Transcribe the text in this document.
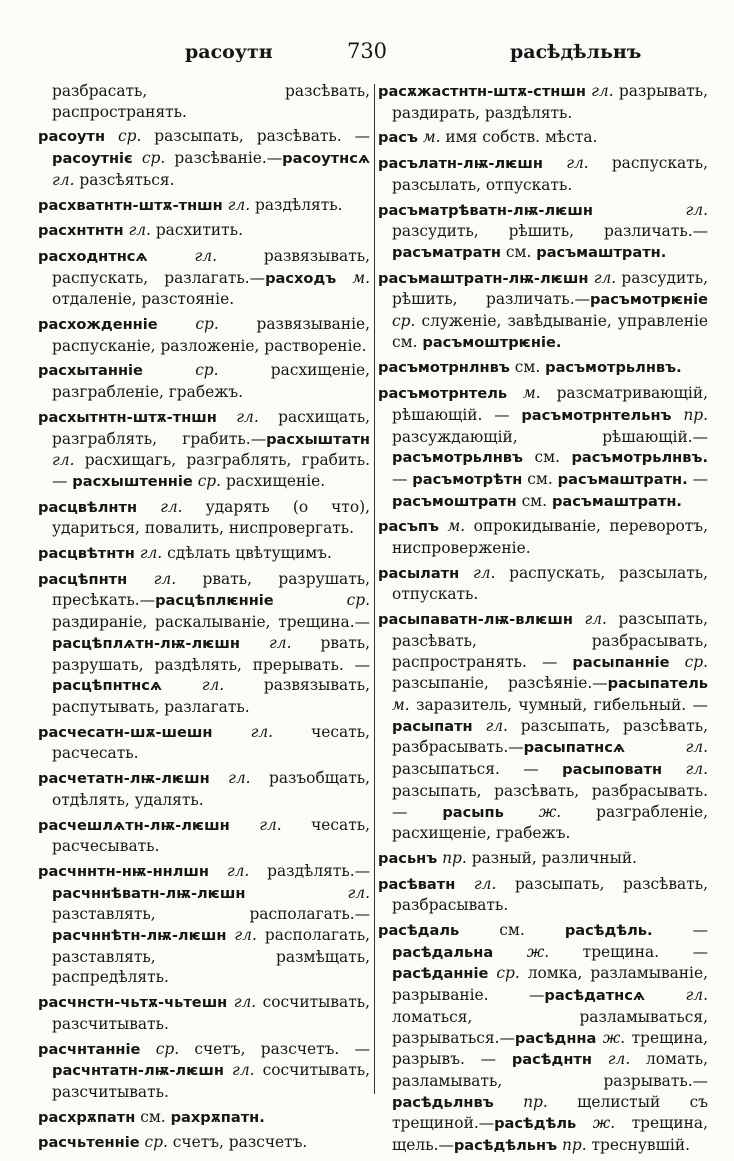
расоутн	730	расѣдѣльнъ
разбрасать, разсѣвать, распространять.
расоутн ср. разсыпать, разсѣвать. — расоутніє ср. разсѣваніе.—расоутнсѧ гл. разсѣяться.
расхватнтн-штѫ-тншн гл. раздѣлять.
расхнтнтн гл. расхитить.
расходнтнсѧ	гл. развязывать, распускать, разлагать.—расходъ м. отдаленіе, разстояніе.
расхожденніе ср. развязываніе, распусканіе, разложеніе, раствореніе.
расхытанніе	ср. расхищеніе, разграбленіе, грабежъ.
расхытнтн-штѫ-тншн гл. расхищать, разграблять, грабить.—расхыштатн гл. расхищагь, разграблять, грабить. — расхыштенніе ср. расхищеніе.
расцвѣлнтн гл. ударять (о что), удариться, повалить, ниспровергать.
расцвѣтнтн гл. сдѣлать цвѣтущимъ.
расцѣпнтн гл. рвать, разрушать, пресѣкать.—расцѣплѥнніе	ср. раздираніе, раскалываніе, трещина.—расцѣплѧтн-лѭ-лѥшн гл. рвать, разрушать, раздѣлять, прерывать. — расцѣпнтнсѧ	гл. развязывать, распутывать, разлагать.
расчесатн-шѫ-шешн гл. чесать, расчесать.
расчетатн-лѭ-лѥшн гл. разъобщать, отдѣлять, удалять.
расчешлѧтн-лѭ-лѥшн гл. чесать, расчесывать.
расчннтн-нѭ-ннлшн гл. раздѣлять.— расчннѣватн-лѭ-лѥшн	гл. разставлять, располагать.—расчннѣтн-лѭ-лѥшн гл. располагать, разставлять, размѣщать, распредѣлять.
расчнстн-чьтѫ-чьтешн гл. сосчитывать, разсчитывать.
расчнтанніе ср. счетъ, разсчетъ. — расчнтатн-лѭ-лѥшн гл. сосчитывать, разсчитывать.
расхрѫпатн см. рахрѫпатн.
расчьтенніе ср. счетъ, разсчетъ.
расѫжастнтн-штѫ-стншн гл. разрывать, раздирать, раздѣлять.
расъ м. имя собств. мѣста.
расълатн-лѭ-лѥшн гл. распускать, разсылать, отпускать.
расъматрѣватн-лѭ-лѥшн	гл. разсудить, рѣшить, различать.—расъматратн см. расъмаштратн.
расъмаштратн-лѭ-лѥшн гл. разсудить, рѣшить, различать.—расъмотрѥніе ср. служеніе, завѣдываніе, управленіе см. расъмоштрѥніе.
расъмотрнлнвъ см. расъмотрьлнвъ.
расъмотрнтель м. разсматривающій, рѣшающій. — расъмотрнтельнъ пр. разсуждающій, рѣшающій.—расъмотрьлнвъ см. расъмотрьлнвъ. — расъмотрѣтн см. расъмаштратн. — расъмоштратн см. расъмаштратн.
расъпъ м. опрокидываніе, переворотъ, ниспроверженіе.
расылатн гл. распускать, разсылать, отпускать.
расыпаватн-лѭ-влѥшн гл. разсыпать, разсѣвать, разбрасывать, распространять. — расыпанніе ср. разсыпаніе, разсѣяніе.—расыпатель м. заразитель, чумный, гибельный. — расыпатн гл. разсыпать, разсѣвать, разбрасывать.—расыпатнсѧ	гл. разсыпаться. — расыповатн гл. разсыпать, разсѣвать, разбрасывать. — расыпь ж. разграбленіе, расхищеніе, грабежъ.
расьнъ пр. разный, различный.
расѣватн гл. разсыпать, разсѣвать, разбрасывать.
расѣдаль см. расѣдѣль. — расѣдальна ж. трещина. — расѣданніе ср. ломка, разламываніе, разрываніе. —расѣдатнсѧ	гл. ломаться, разламываться, разрываться.—расѣднна ж. трещина, разрывъ. — расѣднтн гл. ломать, разламывать, разрывать.—расѣдьлнвъ пр. щелистый съ трещиной.—расѣдѣль ж. трещина, щель.—расѣдѣльнъ пр. треснувшій.
